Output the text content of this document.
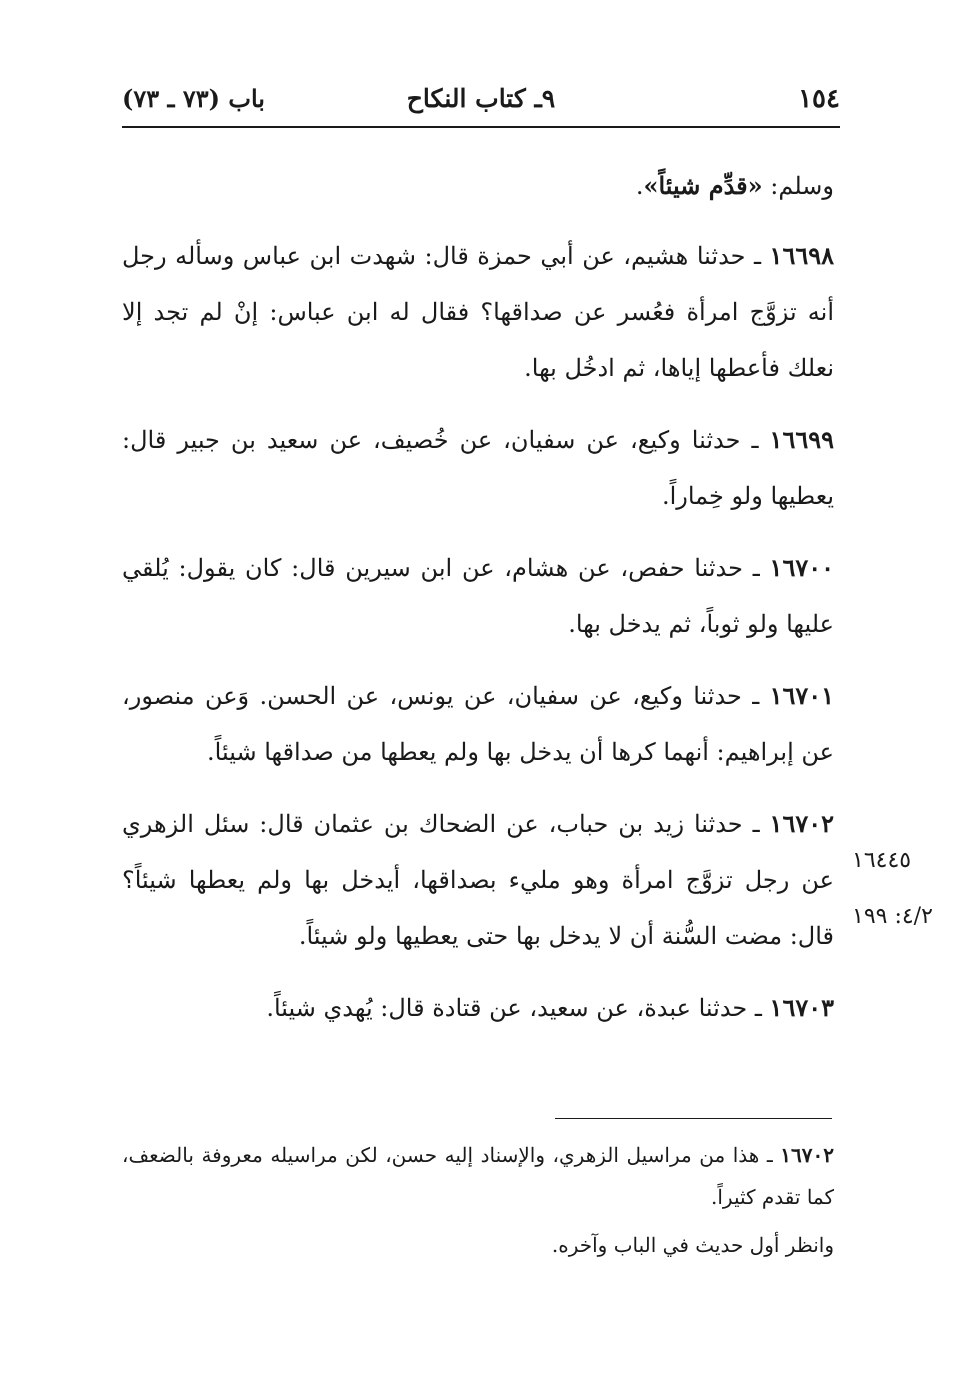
١٥٤
٩ـ كتاب النكاح
باب (٧٣ ـ ٧٣)

وسلم: «قدِّم شيئاً».

١٦٦٩٨ ـ حدثنا هشيم، عن أبي حمزة قال: شهدت ابن عباس وسأله رجل أنه تزوَّج امرأة فعُسر عن صداقها؟ فقال له ابن عباس: إنْ لم تجد إلا نعلك فأعطها إياها، ثم ادخُل بها.

١٦٦٩٩ ـ حدثنا وكيع، عن سفيان، عن خُصيف، عن سعيد بن جبير قال: يعطيها ولو خِماراً.

١٦٧٠٠ ـ حدثنا حفص، عن هشام، عن ابن سيرين قال: كان يقول: يُلقي عليها ولو ثوباً، ثم يدخل بها.

١٦٧٠١ ـ حدثنا وكيع، عن سفيان، عن يونس، عن الحسن. وَعن منصور، عن إبراهيم: أنهما كرها أن يدخل بها ولم يعطها من صداقها شيئاً.

١٦٧٠٢ ـ حدثنا زيد بن حباب، عن الضحاك بن عثمان قال: سئل الزهري عن رجل تزوَّج امرأة وهو مليء بصداقها، أيدخل بها ولم يعطها شيئاً؟ قال: مضت السُّنة أن لا يدخل بها حتى يعطيها ولو شيئاً.

١٦٧٠٣ ـ حدثنا عبدة، عن سعيد، عن قتادة قال: يُهدي شيئاً.

١٦٤٤٥
٤/٢: ١٩٩

١٦٧٠٢ ـ هذا من مراسيل الزهري، والإسناد إليه حسن، لكن مراسيله معروفة بالضعف، كما تقدم كثيراً.

وانظر أول حديث في الباب وآخره.
